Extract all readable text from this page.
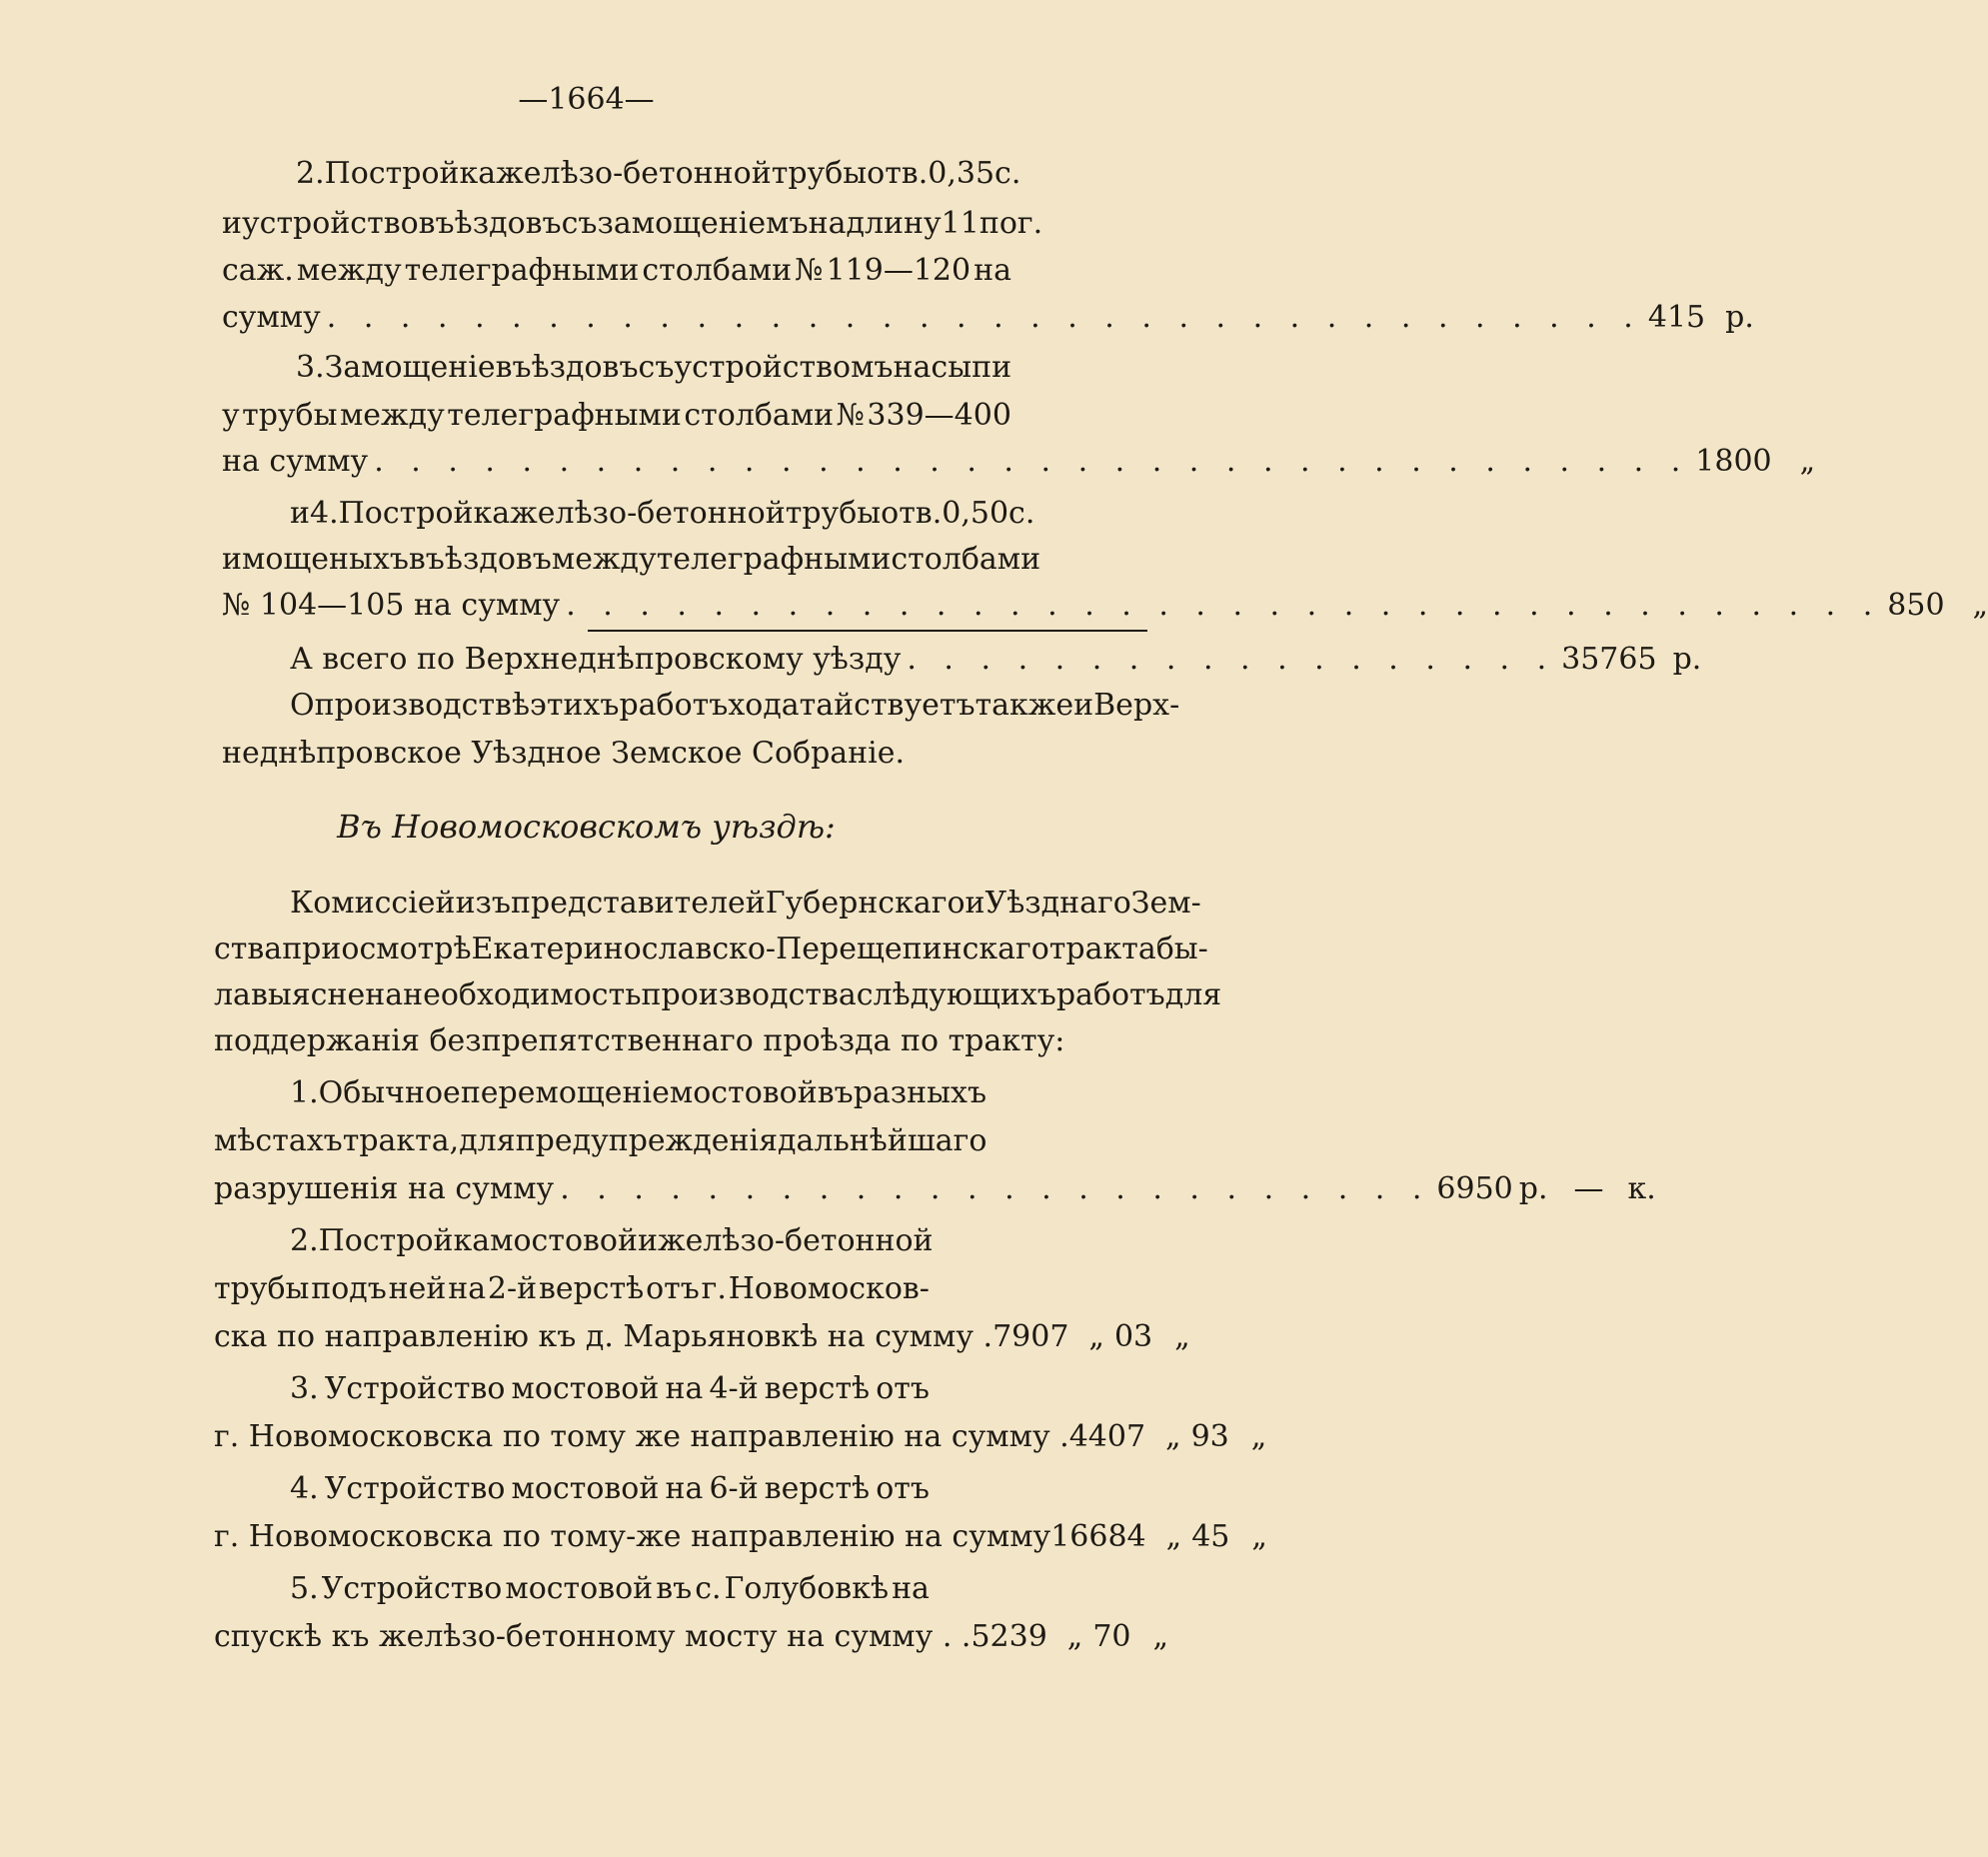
—1664—
2. Постройка желѣзо-бетонной трубы отв. 0,35 с.
и устройство въѣздовъ съ замощеніемъ на длину 11 пог.
саж. между телеграфными столбами № 119—120 на
сумму . . . . . . . . . . . . . . . . . . . . . . . . . . . . . . . . . . . . 415 р.
3. Замощеніе въѣздовъ съ устройствомъ насыпи
у трубы между телеграфными столбами № 339—400
на сумму . . . . . . . . . . . . . . . . . . . . . . . . . . . . . . . . . . . . 1800 „
и 4. Постройка желѣзо-бетонной трубы отв. 0,50 с.
и мощеныхъ въѣздовъ между телеграфными столбами
№ 104—105 на сумму . . . . . . . . . . . . . . . . . . . . . . . . . . . . . . . . . . . . 850 „
А всего по Верхнеднѣпровскому уѣзду . . . . . . . . . . . . . . . . . . 35765 р.
О производствѣ этихъ работъ ходатайствуетъ также и Верх-
неднѣпровское Уѣздное Земское Собраніе.
Въ Новомосковскомъ уѣздѣ:
Комиссіей изъ представителей Губернскаго и Уѣзднаго Зем-
ства при осмотрѣ Екатеринославско-Перещепинскаго тракта бы-
ла выяснена необходимость производства слѣдующихъ работъ для
поддержанія безпрепятственнаго проѣзда по тракту:
1. Обычное перемощеніе мостовой въ разныхъ
мѣстахъ тракта, для предупрежденія дальнѣйшаго
разрушенія на сумму . . . . . . . . . . . . . . . . . . . . . . . . 6950 р. — к.
2. Постройка мостовой и желѣзо-бетонной
трубы подъ ней на 2-й верстѣ отъ г. Новомосков-
ска по направленію къ д. Марьяновкѣ на сумму . 7907 „ 03 „
3. Устройство мостовой на 4-й верстѣ отъ
г. Новомосковска по тому же направленію на сумму . 4407 „ 93 „
4. Устройство мостовой на 6-й верстѣ отъ
г. Новомосковска по тому-же направленію на сумму 16684 „ 45 „
5. Устройство мостовой въ с. Голубовкѣ на
спускѣ къ желѣзо-бетонному мосту на сумму . . 5239 „ 70 „
